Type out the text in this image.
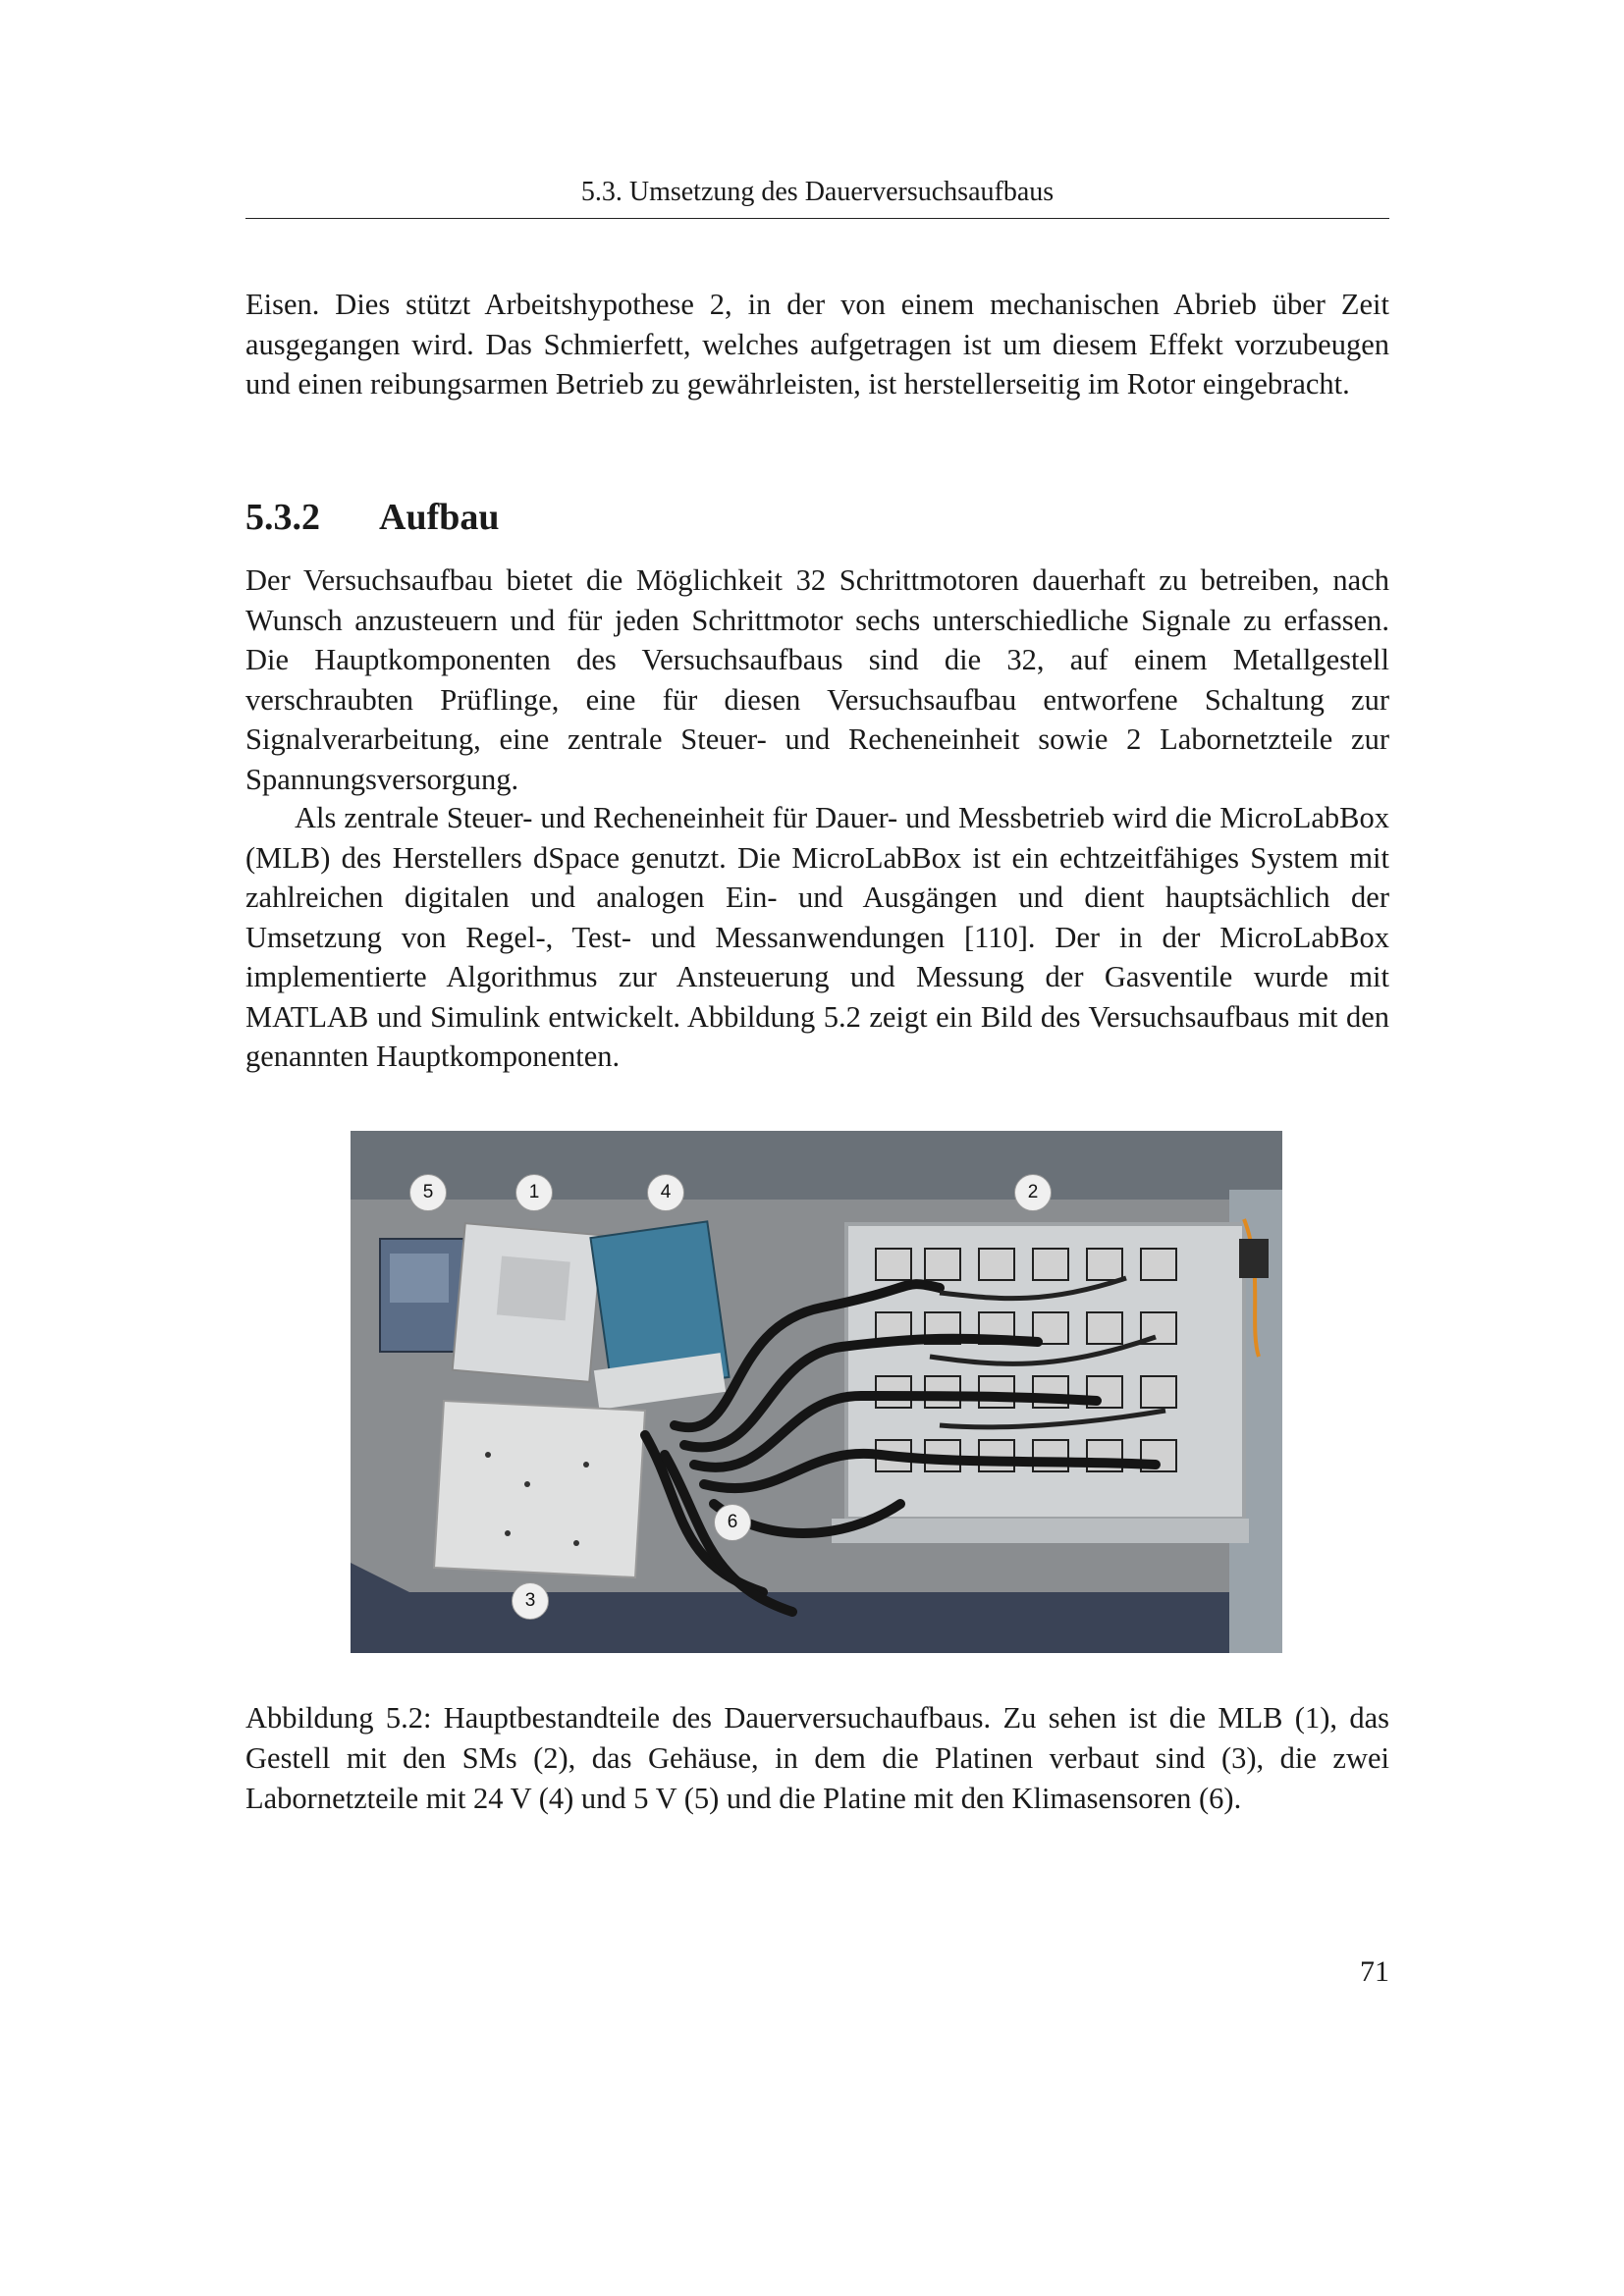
5.3. Umsetzung des Dauerversuchsaufbaus

Eisen. Dies stützt Arbeitshypothese 2, in der von einem mechanischen Abrieb über Zeit ausgegangen wird. Das Schmierfett, welches aufgetragen ist um diesem Effekt vorzubeugen und einen reibungsarmen Betrieb zu gewährleisten, ist herstellerseitig im Rotor eingebracht.

5.3.2 Aufbau

Der Versuchsaufbau bietet die Möglichkeit 32 Schrittmotoren dauerhaft zu betreiben, nach Wunsch anzusteuern und für jeden Schrittmotor sechs unterschiedliche Signale zu erfassen. Die Hauptkomponenten des Versuchsaufbaus sind die 32, auf einem Metallgestell verschraubten Prüflinge, eine für diesen Versuchsaufbau entworfene Schaltung zur Signalverarbeitung, eine zentrale Steuer- und Recheneinheit sowie 2 Labornetzteile zur Spannungsversorgung.

Als zentrale Steuer- und Recheneinheit für Dauer- und Messbetrieb wird die MicroLabBox (MLB) des Herstellers dSpace genutzt. Die MicroLabBox ist ein echtzeitfähiges System mit zahlreichen digitalen und analogen Ein- und Ausgängen und dient hauptsächlich der Umsetzung von Regel-, Test- und Messanwendungen [110]. Der in der MicroLabBox implementierte Algorithmus zur Ansteuerung und Messung der Gasventile wurde mit MATLAB und Simulink entwickelt. Abbildung 5.2 zeigt ein Bild des Versuchsaufbaus mit den genannten Hauptkomponenten.

5	1	4	2
6
3

Abbildung 5.2: Hauptbestandteile des Dauerversuchaufbaus. Zu sehen ist die MLB (1), das Gestell mit den SMs (2), das Gehäuse, in dem die Platinen verbaut sind (3), die zwei Labornetzteile mit 24 V (4) und 5 V (5) und die Platine mit den Klimasensoren (6).

71
